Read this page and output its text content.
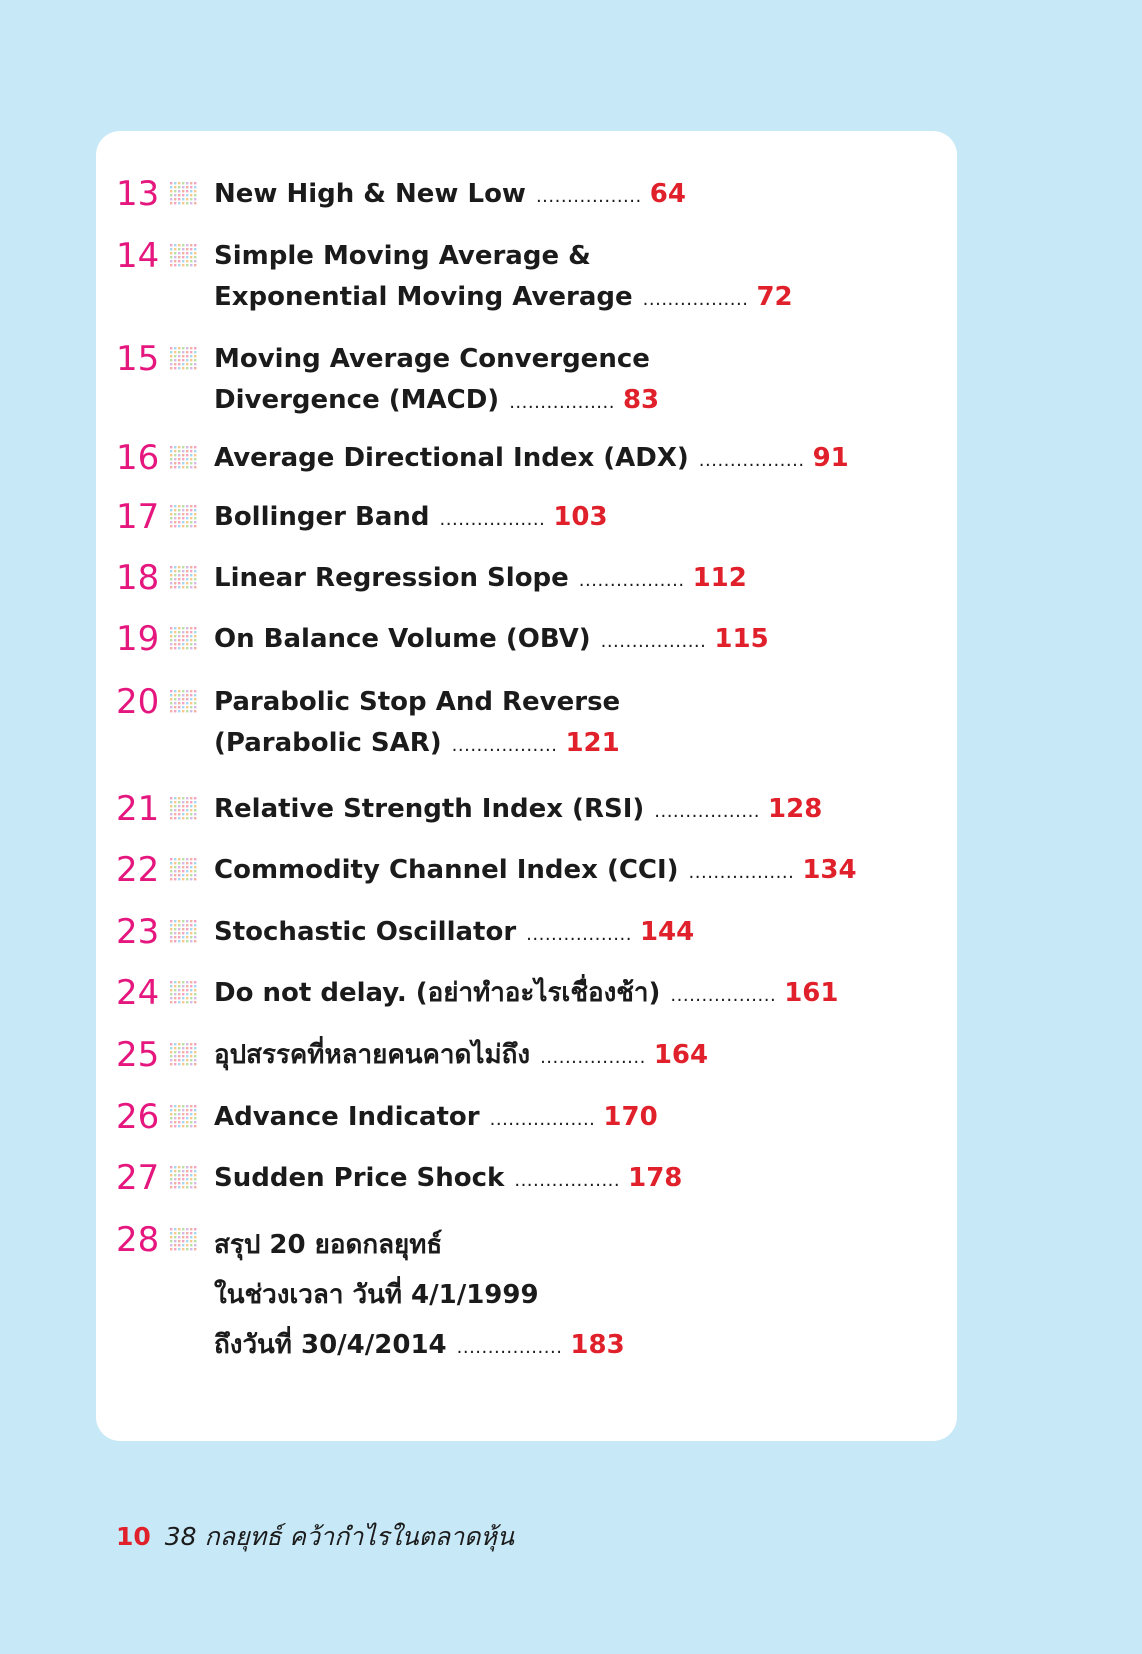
13 New High & New Low ................. 64
14 Simple Moving Average &
Exponential Moving Average ................. 72
15 Moving Average Convergence
Divergence (MACD) ................. 83
16 Average Directional Index (ADX) ................. 91
17 Bollinger Band ................. 103
18 Linear Regression Slope ................. 112
19 On Balance Volume (OBV) ................. 115
20 Parabolic Stop And Reverse
(Parabolic SAR) ................. 121
21 Relative Strength Index (RSI) ................. 128
22 Commodity Channel Index (CCI) ................. 134
23 Stochastic Oscillator ................. 144
24 Do not delay. (อย่าทำอะไรเชื่องช้า) ................. 161
25 อุปสรรคที่หลายคนคาดไม่ถึง ................. 164
26 Advance Indicator ................. 170
27 Sudden Price Shock ................. 178
28 สรุป 20 ยอดกลยุทธ์
ในช่วงเวลา วันที่ 4/1/1999
ถึงวันที่ 30/4/2014 ................. 183
10 38 กลยุทธ์ คว้ากำไรในตลาดหุ้น
